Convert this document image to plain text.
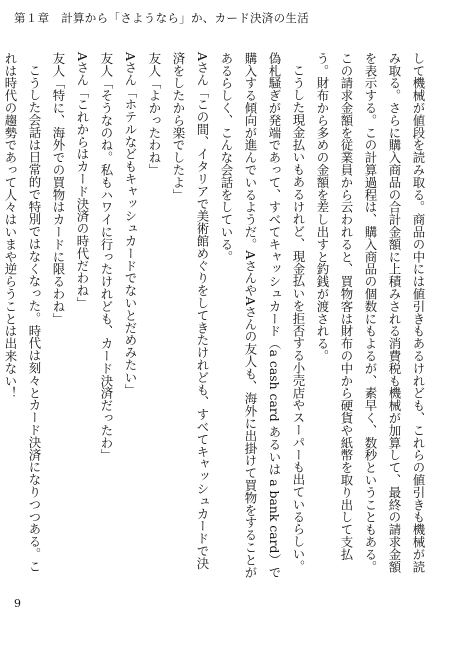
第１章　計算から「さようなら」か、カード決済の生活

して機械が値段を読み取る。商品の中には値引きもあるけれども、これらの値引きも機械が読み取る。さらに購入商品の合計金額に上積みされる消費税も機械が加算して、最終の請求金額を表示する。この計算過程は、購入商品の個数にもよるが、素早く、数秒ということもある。この請求金額を従業員から云われると、買物客は財布の中から硬貨や紙幣を取り出して支払う。財布から多めの金額を差し出すと釣銭が渡される。

こうした現金払いもあるけれど、現金払いを拒否する小売店やスーパーも出ているらしい。偽札騒ぎが発端であって、すべてキャッシュカード（a cash card あるいは a bank card）で購入する傾向が進んでいるようだ。AさんやAさんの友人も、海外に出掛けて買物をすることがあるらしく、こんな会話をしている。

Aさん「この間、イタリアで美術館めぐりをしてきたけれども、すべてキャッシュカードで決済をしたから楽でしたよ」

友人「よかったわね」

Aさん「ホテルなどもキャッシュカードでないとだめみたい」

友人「そうなのね。私もハワイに行ったけれども、カード決済だったわ」

Aさん「これからはカード決済の時代だわね」

友人「特に、海外での買物はカードに限るわね」

こうした会話は日常的で特別ではなくなった。時代は刻々とカード決済になりつつある。これは時代の趨勢であって人々はいまや逆らうことは出来ない！

9
